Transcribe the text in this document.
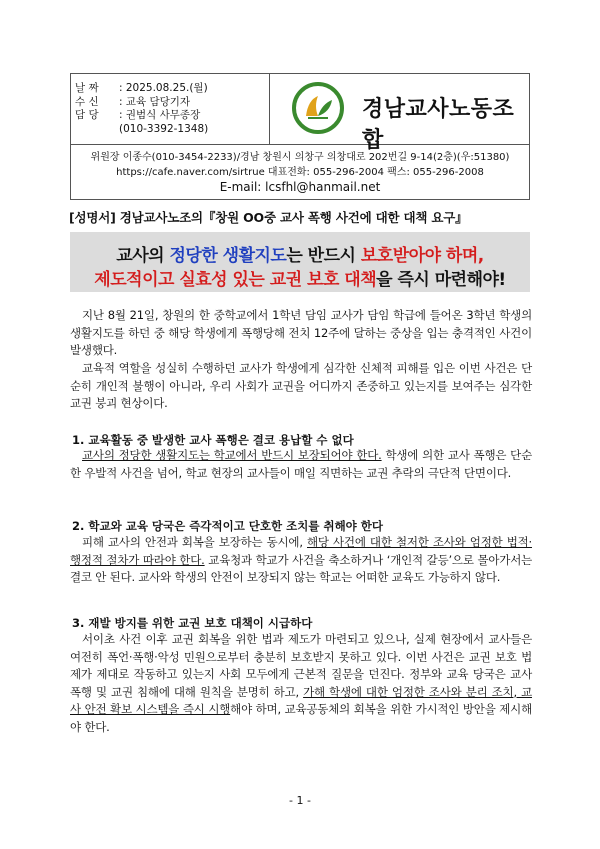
날 짜	: 2025.08.25.(월)
수 신	: 교육 담당기자
담 당	: 권범식 사무종장
(010-3392-1348)

경남교사노동조합

위원장 이종수(010-3454-2233)/경남 창원시 의창구 의창대로 202번길 9-14(2층)(우:51380)
https://cafe.naver.com/sirtrue 대표전화: 055-296-2004 팩스: 055-296-2008
E-mail: lcsfhl@hanmail.net
[성명서] 경남교사노조의『창원 OO중 교사 폭행 사건에 대한 대책 요구』
교사의 정당한 생활지도는 반드시 보호받아야 하며,
제도적이고 실효성 있는 교권 보호 대책을 즉시 마련해야!
지난 8월 21일, 창원의 한 중학교에서 1학년 담임 교사가 담임 학급에 들어온 3학년 학생의 생활지도를 하던 중 해당 학생에게 폭행당해 전치 12주에 달하는 중상을 입는 충격적인 사건이 발생했다.
교육적 역할을 성실히 수행하던 교사가 학생에게 심각한 신체적 피해를 입은 이번 사건은 단순히 개인적 불행이 아니라, 우리 사회가 교권을 어디까지 존중하고 있는지를 보여주는 심각한 교권 붕괴 현상이다.
1. 교육활동 중 발생한 교사 폭행은 결코 용납할 수 없다
교사의 정당한 생활지도는 학교에서 반드시 보장되어야 한다. 학생에 의한 교사 폭행은 단순한 우발적 사건을 넘어, 학교 현장의 교사들이 매일 직면하는 교권 추락의 극단적 단면이다.
2. 학교와 교육 당국은 즉각적이고 단호한 조치를 취해야 한다
피해 교사의 안전과 회복을 보장하는 동시에, 해당 사건에 대한 철저한 조사와 엄정한 법적·행정적 절차가 따라야 한다. 교육청과 학교가 사건을 축소하거나 ‘개인적 갈등’으로 몰아가서는 결코 안 된다. 교사와 학생의 안전이 보장되지 않는 학교는 어떠한 교육도 가능하지 않다.
3. 재발 방지를 위한 교권 보호 대책이 시급하다
서이초 사건 이후 교권 회복을 위한 법과 제도가 마련되고 있으나, 실제 현장에서 교사들은 여전히 폭언·폭행·악성 민원으로부터 충분히 보호받지 못하고 있다. 이번 사건은 교권 보호 법제가 제대로 작동하고 있는지 사회 모두에게 근본적 질문을 던진다. 정부와 교육 당국은 교사 폭행 및 교권 침해에 대해 원칙을 분명히 하고, 가해 학생에 대한 엄정한 조사와 분리 조치, 교사 안전 확보 시스템을 즉시 시행해야 하며, 교육공동체의 회복을 위한 가시적인 방안을 제시해야 한다.
- 1 -
